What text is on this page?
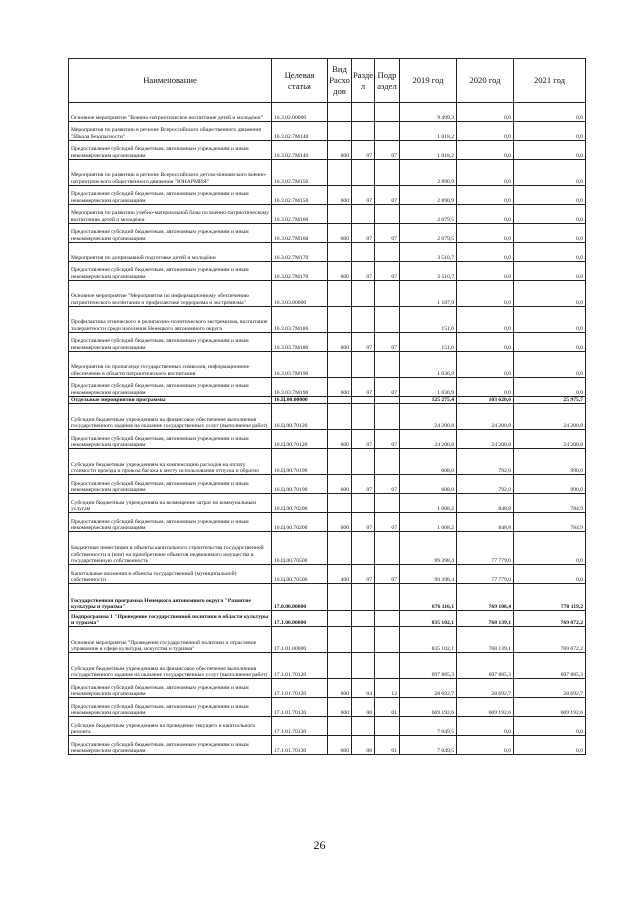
Наименование	Целевая статья	Вид Расхо дов	Разде л	Подр аздел	2019 год	2020 год	2021 год
Основное мероприятие "Военно-патриотическое воспитание детей и молодёжи"	16.3.02.00000				9 499,3	0,0	0,0
Мероприятия по развитию в регионе Всероссийского общественного движения "Школа безопасности"	16.3.02.7М140				1 018,2	0,0	0,0
Предоставление субсидий бюджетным, автономным учреждениям и иным некоммерческим организациям	16.3.02.7М140	600	07	07	1 018,2	0,0	0,0
Мероприятия по развитию в регионе Всероссийского детско-юношеского военно-патриотического общественного движения "ЮНАРМИЯ"	16.3.02.7М150				2 890,9	0,0	0,0
Предоставление субсидий бюджетным, автономным учреждениям и иным некоммерческим организациям	16.3.02.7М150	600	07	07	2 890,9	0,0	0,0
Мероприятия по развитию учебно-материальной базы по военно-патриотическому воспитанию детей и молодёжи	16.3.02.7М160				2 079,5	0,0	0,0
Предоставление субсидий бюджетным, автономным учреждениям и иным некоммерческим организациям	16.3.02.7М160	600	07	07	2 079,5	0,0	0,0
Мероприятия по допризывной подготовке детей и молодёжи	16.3.02.7М170				3 510,7	0,0	0,0
Предоставление субсидий бюджетным, автономным учреждениям и иным некоммерческим организациям	16.3.02.7М170	600	07	07	3 510,7	0,0	0,0
Основное мероприятие "Мероприятия по информационному обеспечению патриотического воспитания и профилактике терроризма и экстремизма"	16.3.03.00000				1 187,9	0,0	0,0
Профилактика этнического и религиозно-политического экстремизма, воспитание толерантности среди населения Ненецкого автономного округа	16.3.03.7М180				151,0	0,0	0,0
Предоставление субсидий бюджетным, автономным учреждениям и иным некоммерческим организациям	16.3.03.7М180	600	07	07	151,0	0,0	0,0
Мероприятия по пропаганде государственных символов, информационное обеспечение в области патриотического воспитания	16.3.03.7М190				1 036,9	0,0	0,0
Предоставление субсидий бюджетным, автономным учреждениям и иным некоммерческим организациям	16.3.03.7М190	600	07	07	1 036,9	0,0	0,0
Отдельные мероприятия программы	16.Ц.00.00000				125 275,4	103 620,6	25 975,7
Субсидии бюджетным учреждениям на финансовое обеспечение выполнения государственного задания на оказание государственных услуг (выполнение работ)	16.Ц.00.70120				24 200,8	24 200,8	24 200,8
Предоставление субсидий бюджетным, автономным учреждениям и иным некоммерческим организациям	16.Ц.00.70120	600	07	07	24 200,8	24 200,8	24 200,8
Субсидии бюджетным учреждениям на компенсацию расходов на оплату стоимости проезда и провоза багажа к месту использования отпуска и обратно	16.Ц.00.70190				608,0	792,0	990,0
Предоставление субсидий бюджетным, автономным учреждениям и иным некоммерческим организациям	16.Ц.00.70190	600	07	07	608,0	792,0	990,0
Субсидии бюджетным учреждениям на возмещение затрат по коммунальным услугам	16.Ц.00.70200				1 068,2	848,8	784,9
Предоставление субсидий бюджетным, автономным учреждениям и иным некоммерческим организациям	16.Ц.00.70200	600	07	07	1 068,2	848,8	784,9
Бюджетные инвестиции в объекты капитального строительства государственной собственности и (или) на приобретение объектов недвижимого имущества в государственную собственность	16.Ц.00.70500				99 398,4	77 779,0	0,0
Капитальные вложения в объекты государственной (муниципальной) собственности	16.Ц.00.70500	400	07	07	99 398,4	77 779,0	0,0
Государственная программа Ненецкого автономного округа "Развитие культуры и туризма"	17.0.00.00000				876 116,1	769 108,4	770 119,2
Подпрограмма 1 "Проведение государственной политики в области культуры и туризма"	17.1.00.00000				835 102,1	768 139,1	769 072,2
Основное мероприятие "Проведение государственной политики и отраслевое управление в сфере культуры, искусства и туризма"	17.1.01.00000				835 102,1	768 139,1	769 072,2
Субсидии бюджетным учреждениям на финансовое обеспечение выполнения государственного задания на оказание государственных услуг (выполнение работ)	17.1.01.70120				697 885,3	697 885,3	697 885,3
Предоставление субсидий бюджетным, автономным учреждениям и иным некоммерческим организациям	17.1.01.70120	600	04	12	28 692,7	28 692,7	28 692,7
Предоставление субсидий бюджетным, автономным учреждениям и иным некоммерческим организациям	17.1.01.70120	600	08	01	669 192,6	669 192,6	669 192,6
Субсидии бюджетным учреждениям на проведение текущего и капитального ремонта	17.1.01.70130				7 049,5	0,0	0,0
Предоставление субсидий бюджетным, автономным учреждениям и иным некоммерческим организациям	17.1.01.70130	600	08	01	7 049,5	0,0	0,0
26
